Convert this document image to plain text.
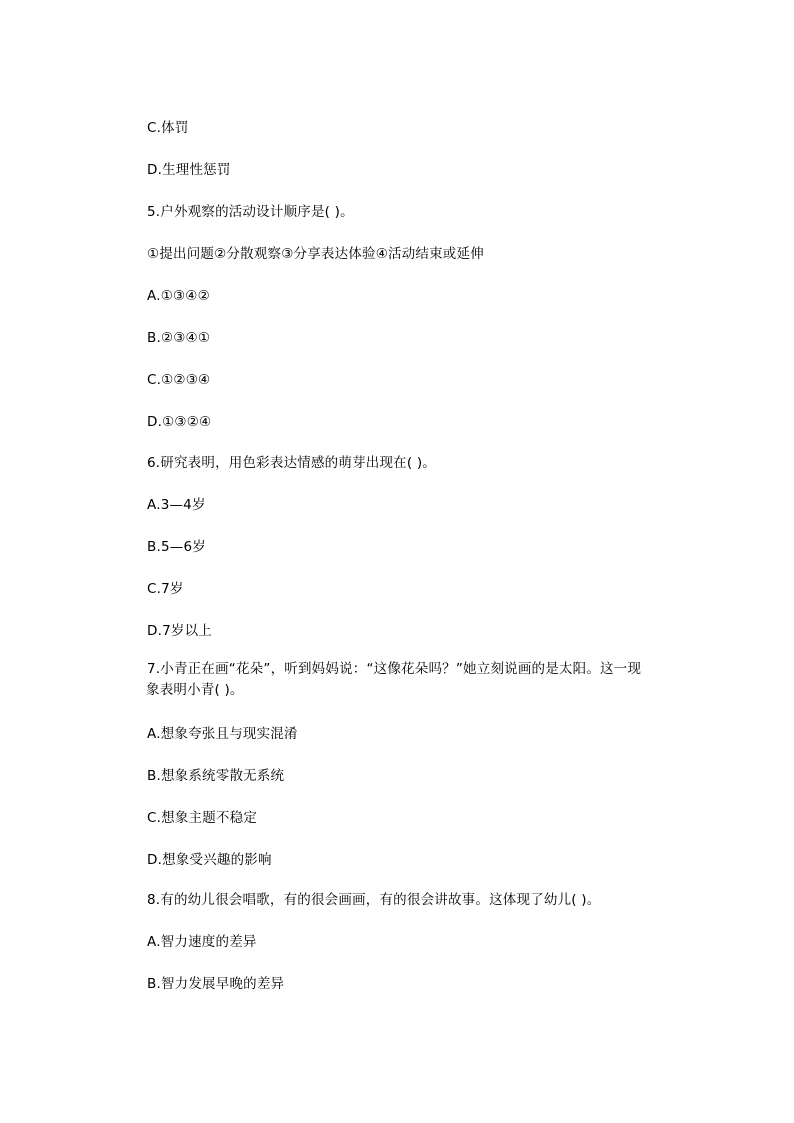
C.体罚
D.生理性惩罚
5.户外观察的活动设计顺序是( )。
①提出问题②分散观察③分享表达体验④活动结束或延伸
A.①③④②
B.②③④①
C.①②③④
D.①③②④
6.研究表明，用色彩表达情感的萌芽出现在( )。
A.3—4岁
B.5—6岁
C.7岁
D.7岁以上
7.小青正在画“花朵”，听到妈妈说：“这像花朵吗？”她立刻说画的是太阳。这一现
象表明小青( )。
A.想象夸张且与现实混淆
B.想象系统零散无系统
C.想象主题不稳定
D.想象受兴趣的影响
8.有的幼儿很会唱歌，有的很会画画，有的很会讲故事。这体现了幼儿( )。
A.智力速度的差异
B.智力发展早晚的差异
